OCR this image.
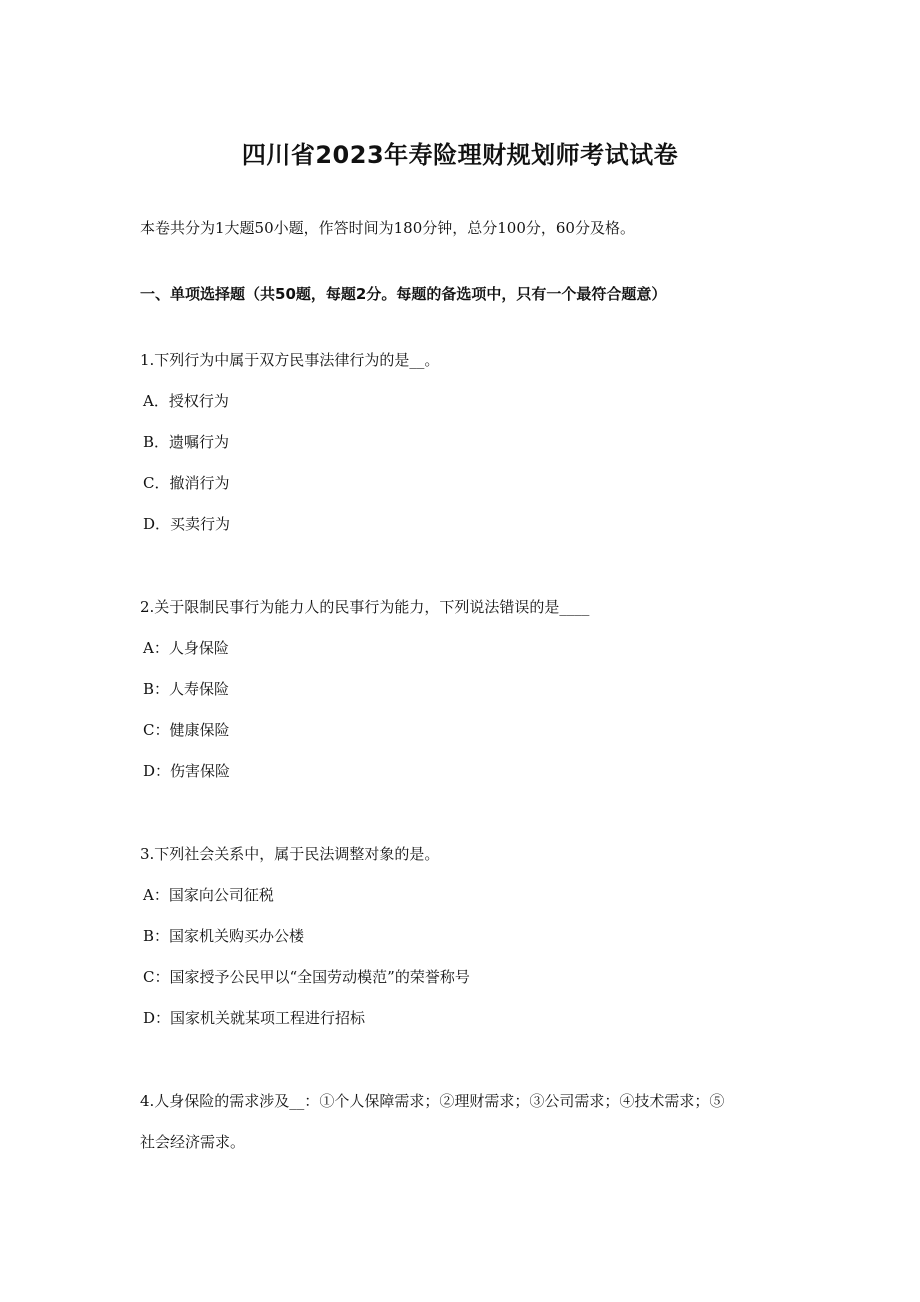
四川省2023年寿险理财规划师考试试卷
本卷共分为1大题50小题，作答时间为180分钟，总分100分，60分及格。
一、单项选择题（共50题，每题2分。每题的备选项中，只有一个最符合题意）

1.下列行为中属于双方民事法律行为的是__。

A．授权行为

B．遗嘱行为

C．撤消行为

D．买卖行为

2.关于限制民事行为能力人的民事行为能力，下列说法错误的是____

A：人身保险

B：人寿保险

C：健康保险

D：伤害保险

3.下列社会关系中，属于民法调整对象的是。

A：国家向公司征税

B：国家机关购买办公楼

C：国家授予公民甲以“全国劳动模范”的荣誉称号

D：国家机关就某项工程进行招标

4.人身保险的需求涉及__：①个人保障需求；②理财需求；③公司需求；④技术需求；⑤

社会经济需求。
